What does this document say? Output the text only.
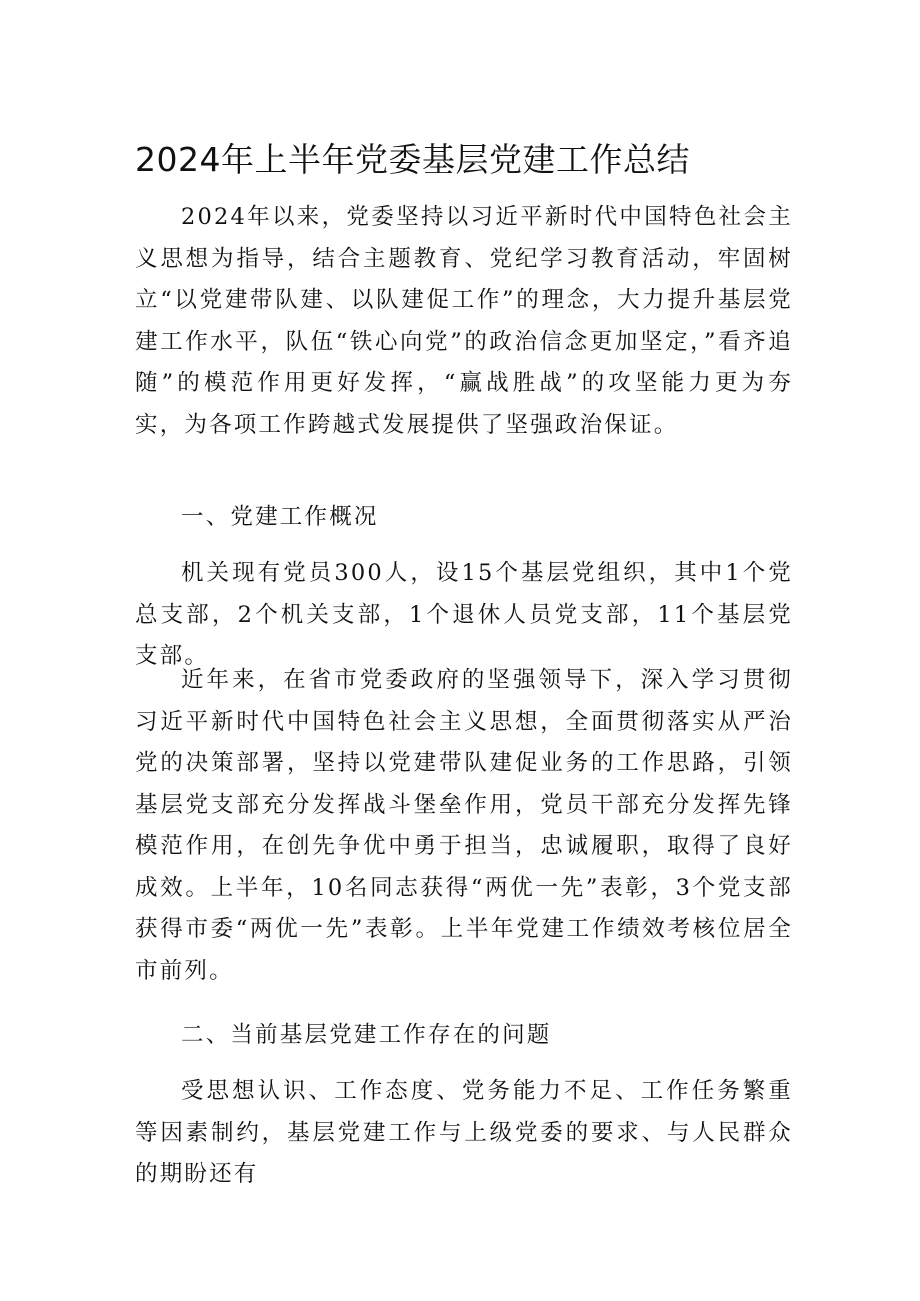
2024年上半年党委基层党建工作总结

2024年以来，党委坚持以习近平新时代中国特色社会主义思想为指导，结合主题教育、党纪学习教育活动，牢固树立“以党建带队建、以队建促工作”的理念，大力提升基层党建工作水平，队伍“铁心向党”的政治信念更加坚定，”看齐追随”的模范作用更好发挥，“赢战胜战”的攻坚能力更为夯实，为各项工作跨越式发展提供了坚强政治保证。

一、党建工作概况

机关现有党员300人，设15个基层党组织，其中1个党总支部，2个机关支部，1个退休人员党支部，11个基层党支部。

近年来，在省市党委政府的坚强领导下，深入学习贯彻习近平新时代中国特色社会主义思想，全面贯彻落实从严治党的决策部署，坚持以党建带队建促业务的工作思路，引领基层党支部充分发挥战斗堡垒作用，党员干部充分发挥先锋模范作用，在创先争优中勇于担当，忠诚履职，取得了良好成效。上半年，10名同志获得“两优一先”表彰，3个党支部获得市委“两优一先”表彰。上半年党建工作绩效考核位居全市前列。

二、当前基层党建工作存在的问题

受思想认识、工作态度、党务能力不足、工作任务繁重等因素制约，基层党建工作与上级党委的要求、与人民群众的期盼还有
